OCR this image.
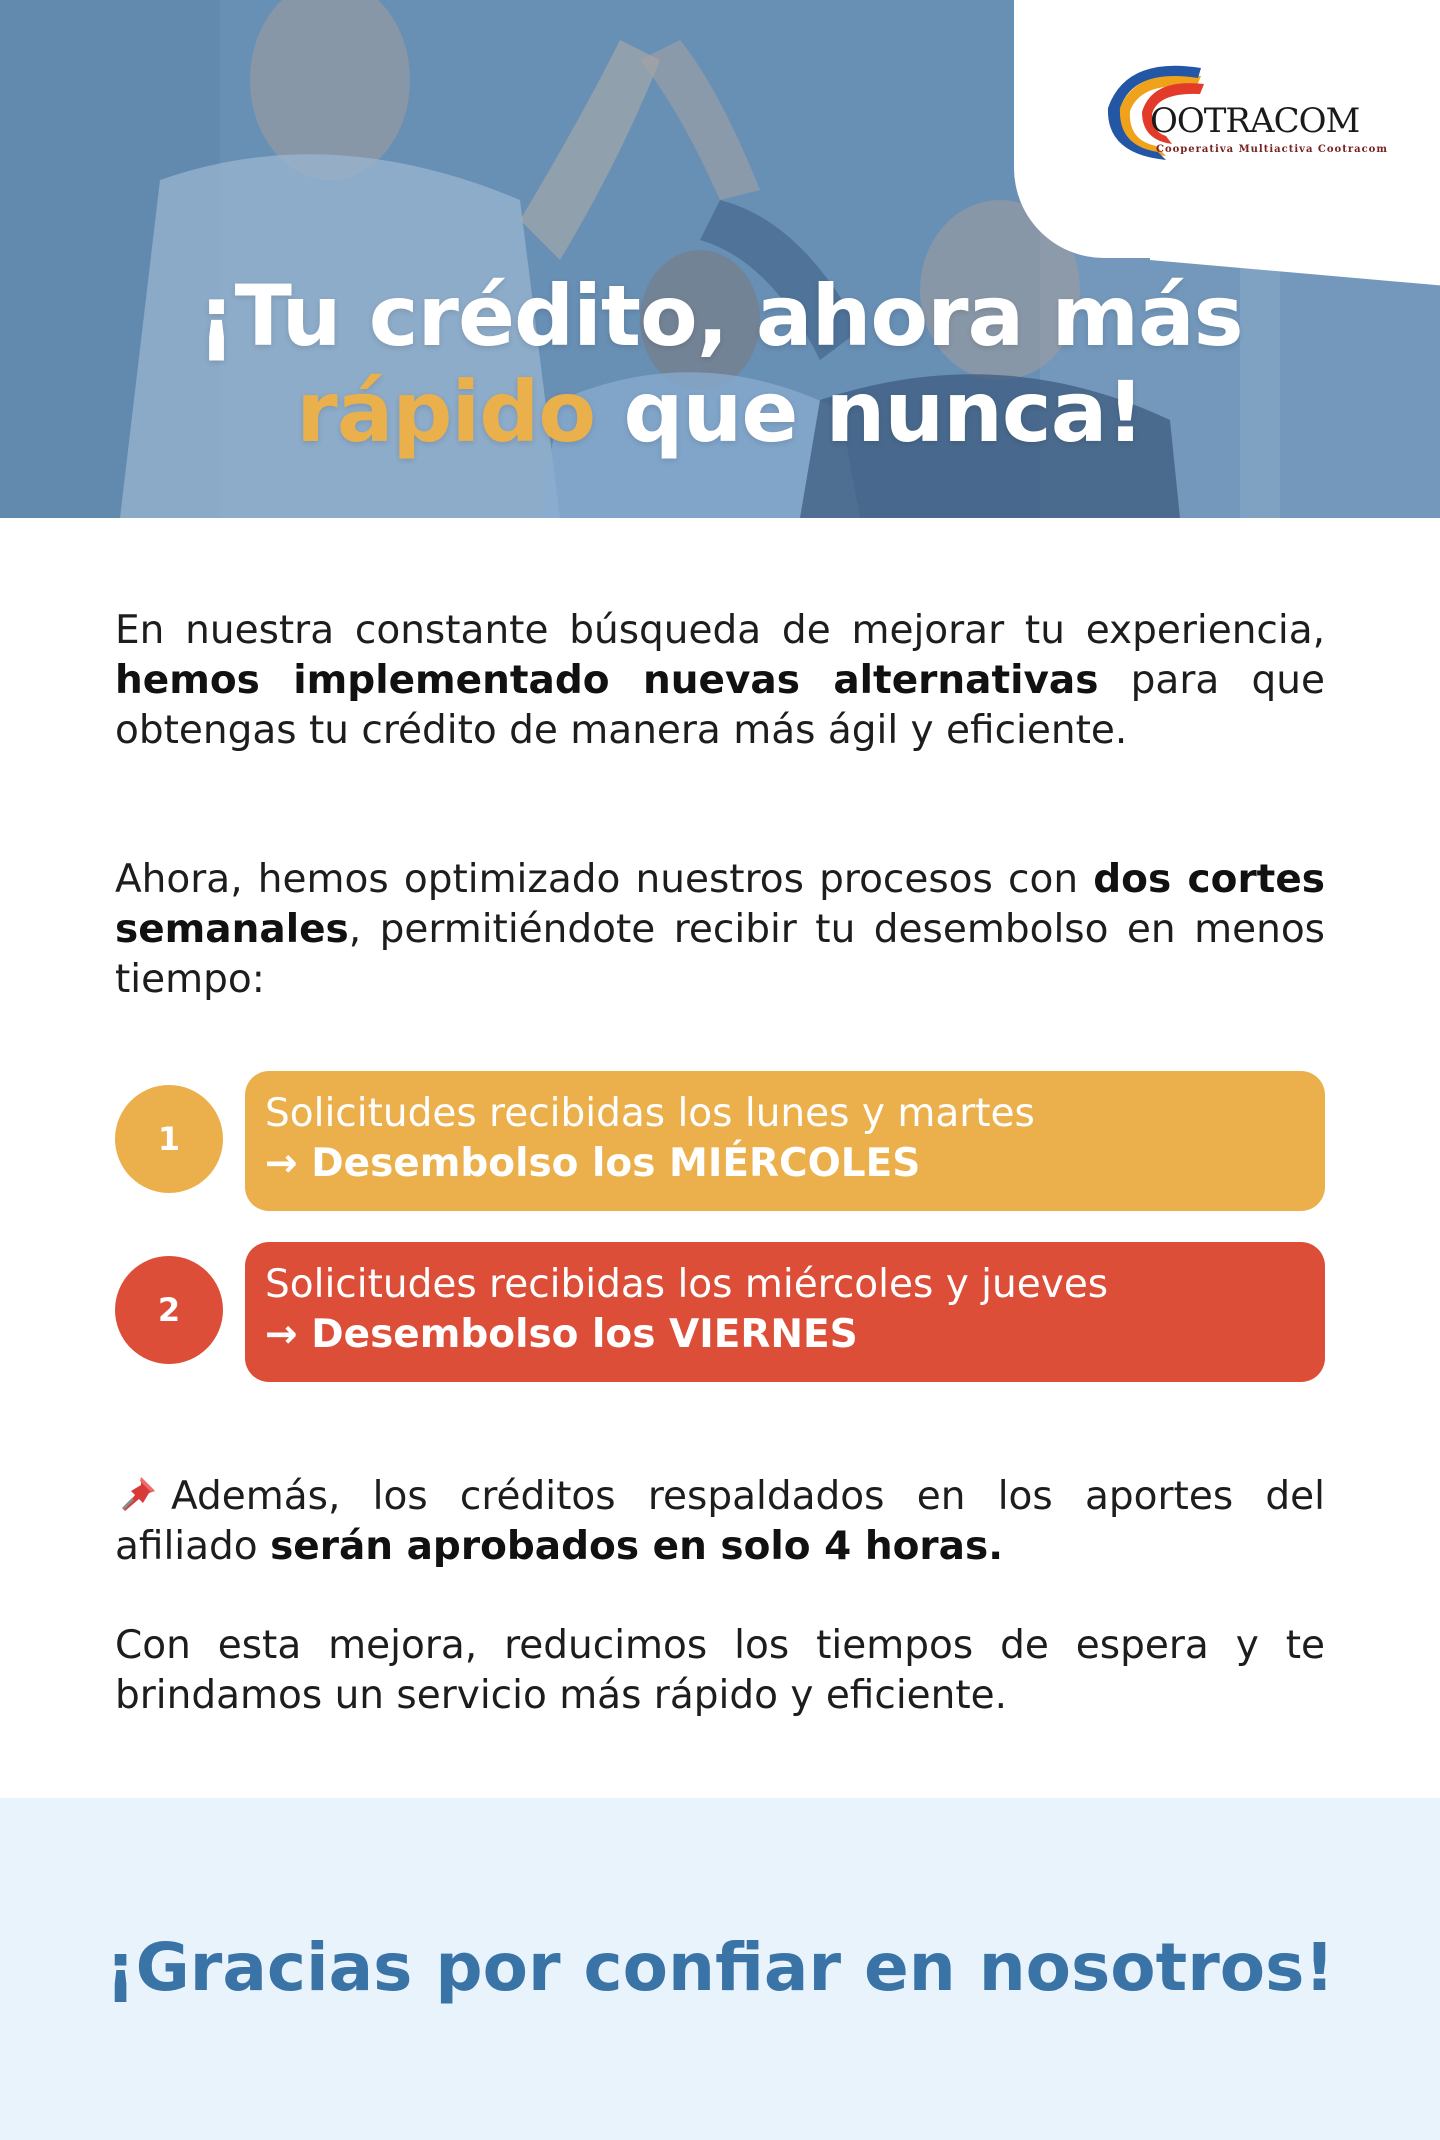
OOTRACOM
Cooperativa Multiactiva Cootracom
¡Tu crédito, ahora más
rápido que nunca!

En nuestra constante búsqueda de mejorar tu experiencia, hemos implementado nuevas alternativas para que obtengas tu crédito de manera más ágil y eficiente.

Ahora, hemos optimizado nuestros procesos con dos cortes semanales, permitiéndote recibir tu desembolso en menos tiempo:

1
Solicitudes recibidas los lunes y martes
→ Desembolso los MIÉRCOLES
2
Solicitudes recibidas los miércoles y jueves
→ Desembolso los VIERNES

Además, los créditos respaldados en los aportes del afiliado serán aprobados en solo 4 horas.

Con esta mejora, reducimos los tiempos de espera y te brindamos un servicio más rápido y eficiente.

¡Gracias por confiar en nosotros!
